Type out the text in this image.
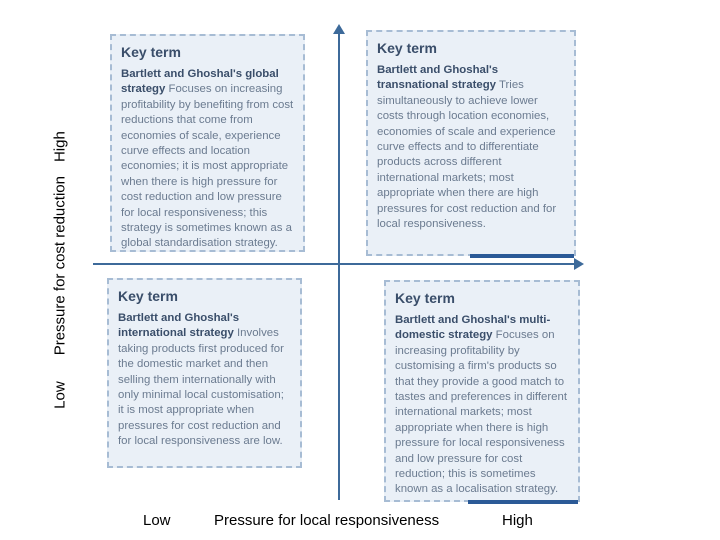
LowPressure for cost reductionHigh
Low	Pressure for local responsiveness	High
Key term
Bartlett and Ghoshal's global strategy Focuses on increasing profitability by benefiting from cost reductions that come from economies of scale, experience curve effects and location economies; it is most appropriate when there is high pressure for cost reduction and low pressure for local responsiveness; this strategy is sometimes known as a global standardisation strategy.
Key term
Bartlett and Ghoshal's transnational strategy Tries simultaneously to achieve lower costs through location economies, economies of scale and experience curve effects and to differentiate products across different international markets; most appropriate when there are high pressures for cost reduction and for local responsiveness.
Key term
Bartlett and Ghoshal's international strategy Involves taking products first produced for the domestic market and then selling them internationally with only minimal local customisation; it is most appropriate when pressures for cost reduction and for local responsiveness are low.
Key term
Bartlett and Ghoshal's multi-domestic strategy Focuses on increasing profitability by customising a firm's products so that they provide a good match to tastes and preferences in different international markets; most appropriate when there is high pressure for local responsiveness and low pressure for cost reduction; this is sometimes known as a localisation strategy.
